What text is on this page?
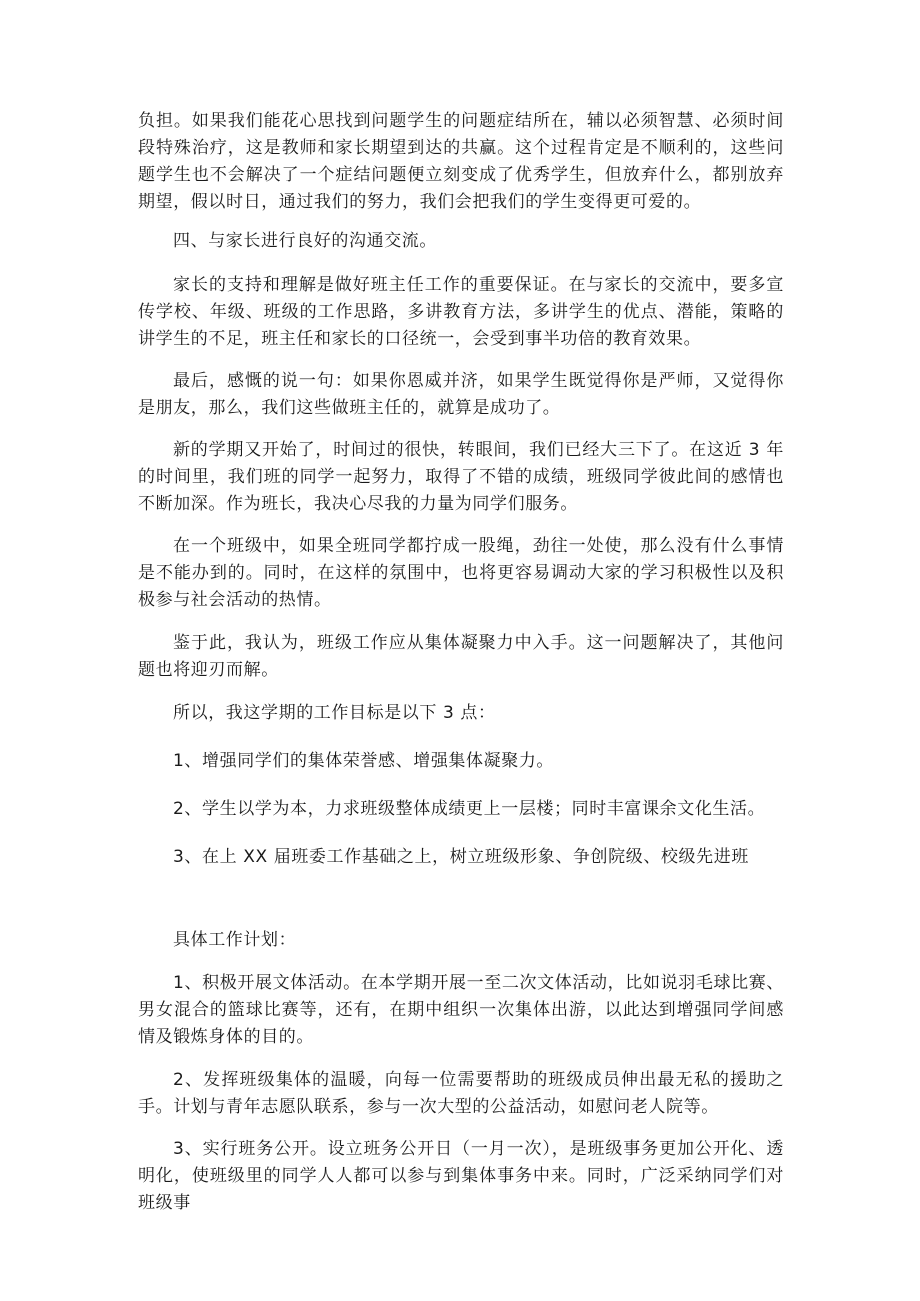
负担。如果我们能花心思找到问题学生的问题症结所在，辅以必须智慧、必须时间段特殊治疗，这是教师和家长期望到达的共赢。这个过程肯定是不顺利的，这些问题学生也不会解决了一个症结问题便立刻变成了优秀学生，但放弃什么，都别放弃期望，假以时日，通过我们的努力，我们会把我们的学生变得更可爱的。

四、与家长进行良好的沟通交流。

家长的支持和理解是做好班主任工作的重要保证。在与家长的交流中，要多宣传学校、年级、班级的工作思路，多讲教育方法，多讲学生的优点、潜能，策略的讲学生的不足，班主任和家长的口径统一，会受到事半功倍的教育效果。

最后，感慨的说一句：如果你恩威并济，如果学生既觉得你是严师，又觉得你是朋友，那么，我们这些做班主任的，就算是成功了。

新的学期又开始了，时间过的很快，转眼间，我们已经大三下了。在这近 3 年的时间里，我们班的同学一起努力，取得了不错的成绩，班级同学彼此间的感情也不断加深。作为班长，我决心尽我的力量为同学们服务。

在一个班级中，如果全班同学都拧成一股绳，劲往一处使，那么没有什么事情是不能办到的。同时，在这样的氛围中，也将更容易调动大家的学习积极性以及积极参与社会活动的热情。

鉴于此，我认为，班级工作应从集体凝聚力中入手。这一问题解决了，其他问题也将迎刃而解。

所以，我这学期的工作目标是以下 3 点：

1、增强同学们的集体荣誉感、增强集体凝聚力。

2、学生以学为本，力求班级整体成绩更上一层楼；同时丰富课余文化生活。

3、在上 XX 届班委工作基础之上，树立班级形象、争创院级、校级先进班

具体工作计划：

1、积极开展文体活动。在本学期开展一至二次文体活动，比如说羽毛球比赛、男女混合的篮球比赛等，还有，在期中组织一次集体出游，以此达到增强同学间感情及锻炼身体的目的。

2、发挥班级集体的温暖，向每一位需要帮助的班级成员伸出最无私的援助之手。计划与青年志愿队联系，参与一次大型的公益活动，如慰问老人院等。

3、实行班务公开。设立班务公开日（一月一次），是班级事务更加公开化、透明化，使班级里的同学人人都可以参与到集体事务中来。同时，广泛采纳同学们对班级事
